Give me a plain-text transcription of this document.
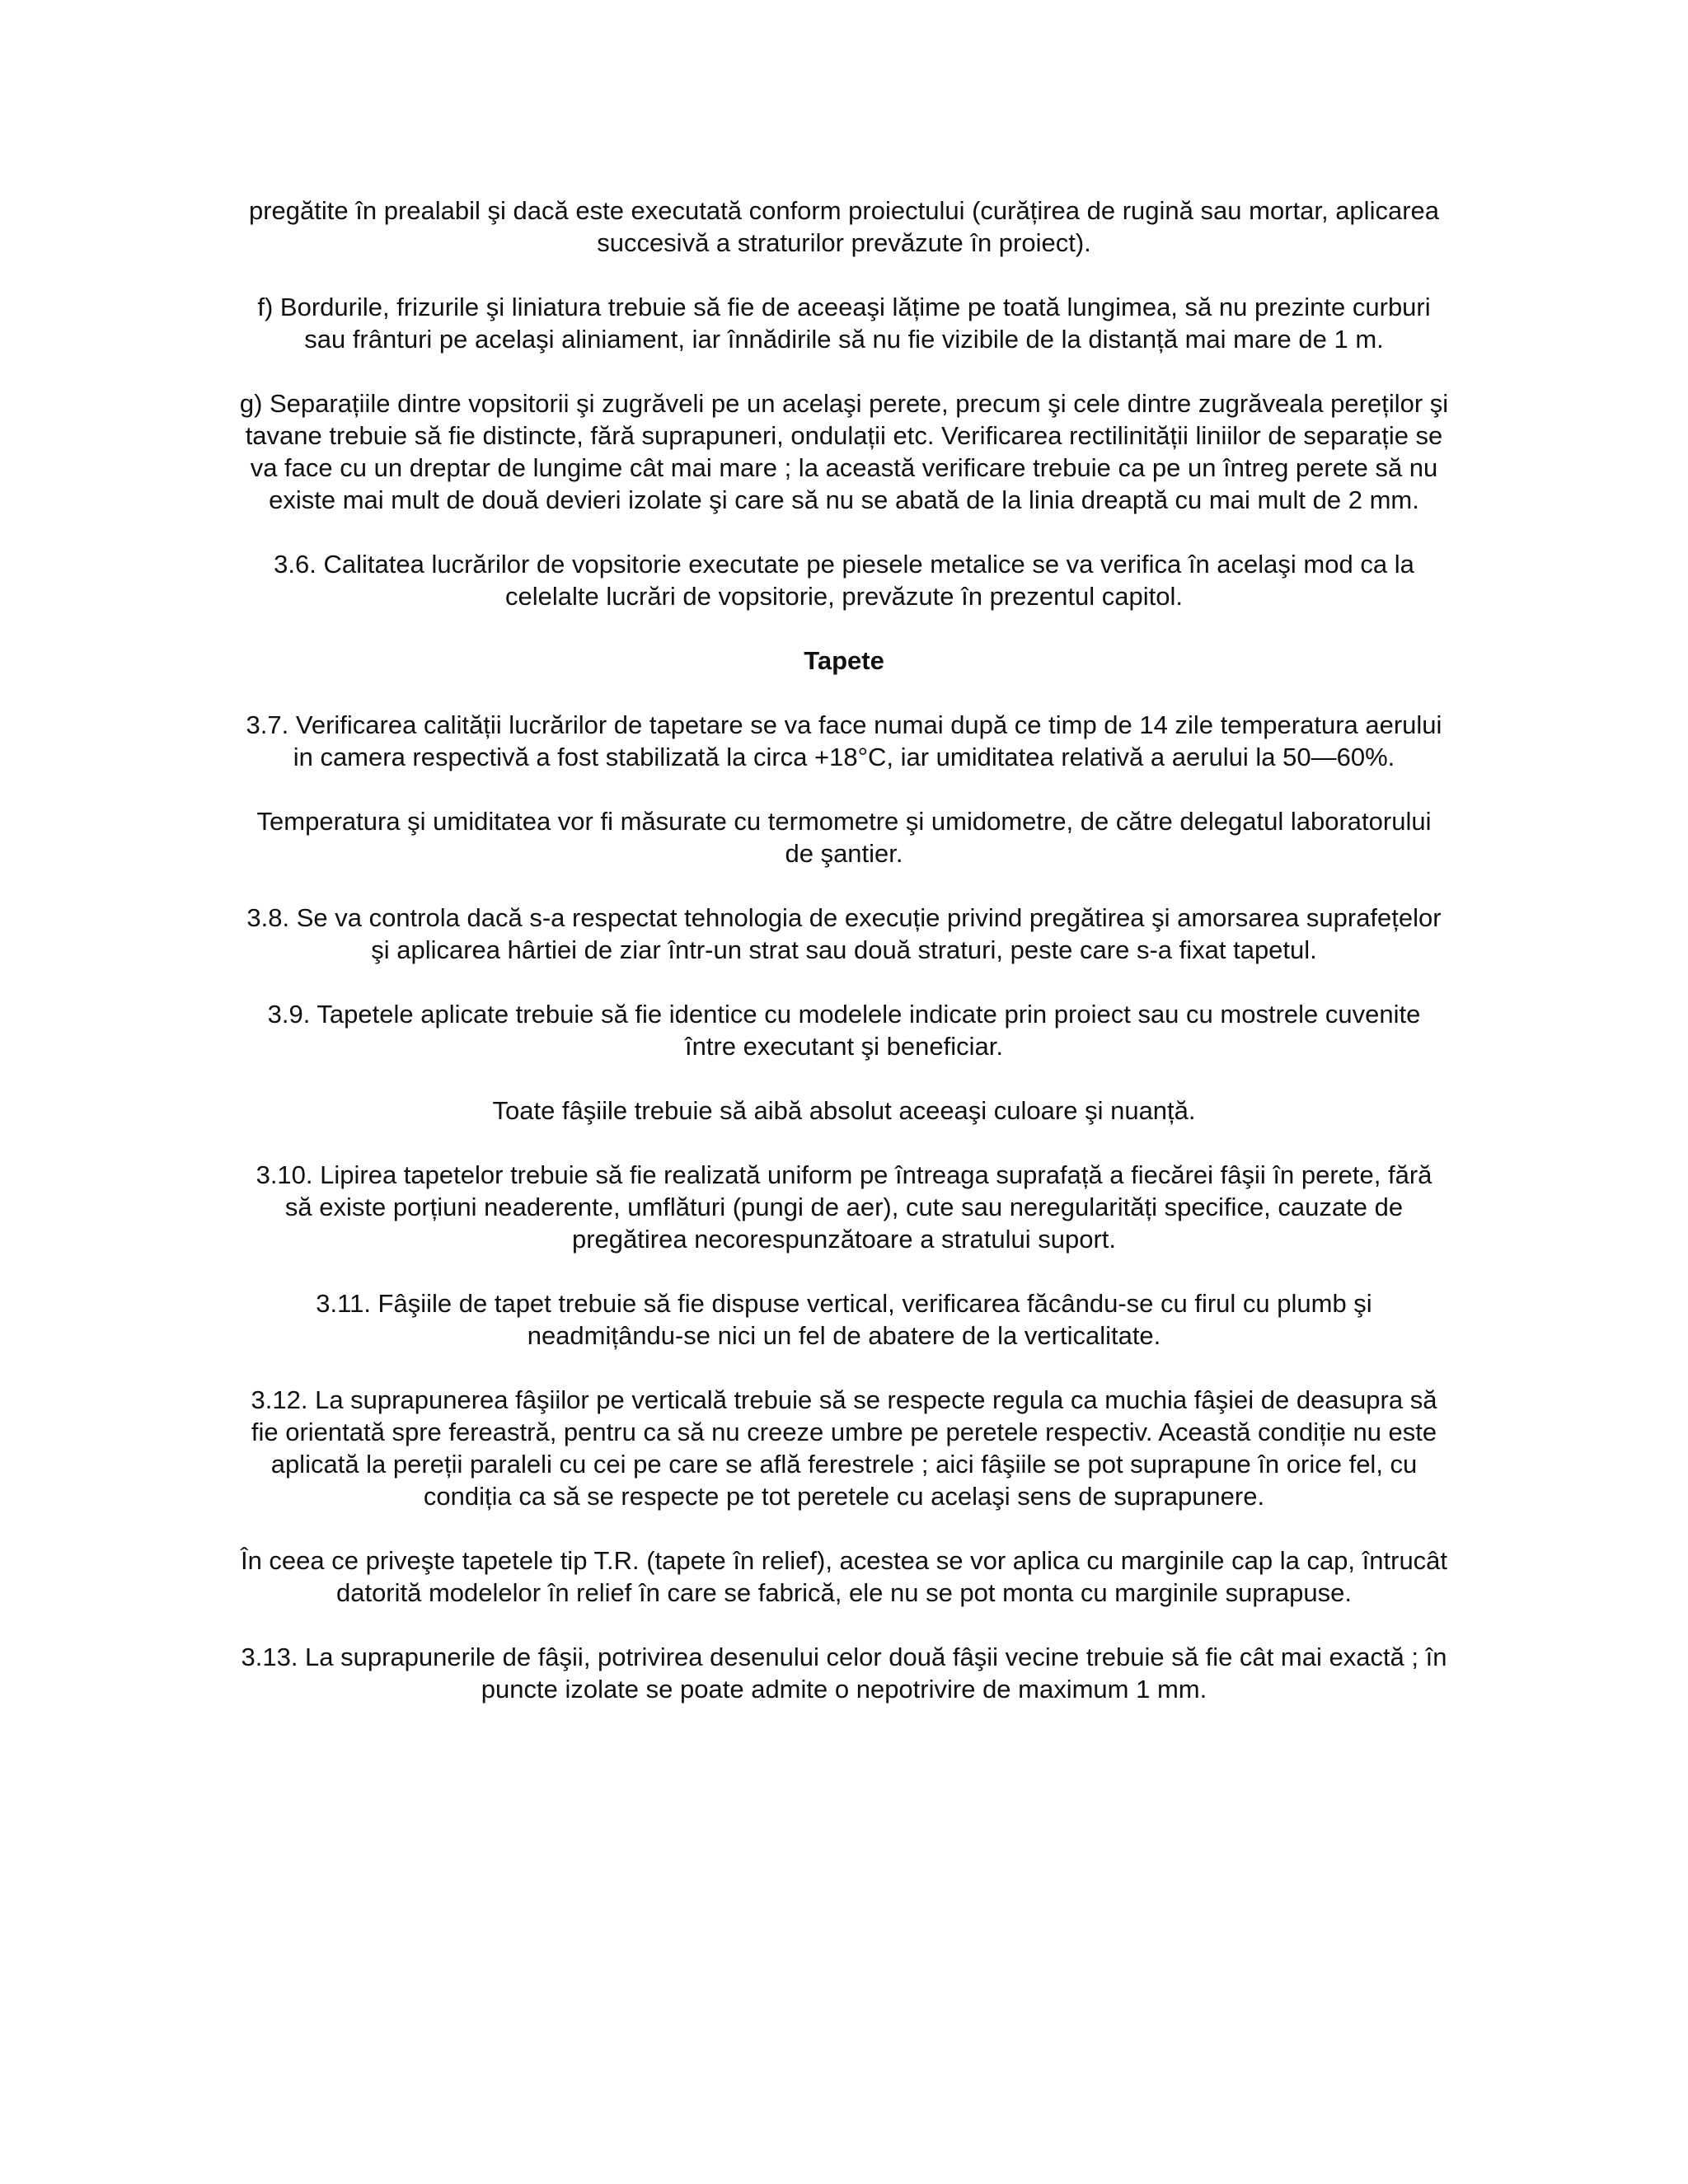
pregătite în prealabil şi dacă este executată conform proiectului (curățirea de rugină sau mortar, aplicarea succesivă a straturilor prevăzute în proiect).

f) Bordurile, frizurile şi liniatura trebuie să fie de aceeaşi lățime pe toată lungimea, să nu prezinte curburi sau frânturi pe acelaşi aliniament, iar înnădirile să nu fie vizibile de la distanță mai mare de 1 m.

g) Separațiile dintre vopsitorii şi zugrăveli pe un acelaşi perete, precum şi cele dintre zugrăveala pereților şi tavane trebuie să fie distincte, fără suprapuneri, ondulații etc. Verificarea rectilinității liniilor de separație se va face cu un dreptar de lungime cât mai mare ; la această verificare trebuie ca pe un întreg perete să nu existe mai mult de două devieri izolate şi care să nu se abată de la linia dreaptă cu mai mult de 2 mm.

3.6. Calitatea lucrărilor de vopsitorie executate pe piesele metalice se va verifica în acelaşi mod ca la celelalte lucrări de vopsitorie, prevăzute în prezentul capitol.

Tapete

3.7. Verificarea calității lucrărilor de tapetare se va face numai după ce timp de 14 zile temperatura aerului in camera respectivă a fost stabilizată la circa +18°C, iar umiditatea relativă a aerului la 50—60%.

Temperatura şi umiditatea vor fi măsurate cu termometre şi umidometre, de către delegatul laboratorului de şantier.

3.8. Se va controla dacă s-a respectat tehnologia de execuție privind pregătirea şi amorsarea suprafețelor şi aplicarea hârtiei de ziar într-un strat sau două straturi, peste care s-a fixat tapetul.

3.9. Tapetele aplicate trebuie să fie identice cu modelele indicate prin proiect sau cu mostrele cuvenite între executant şi beneficiar.

Toate fâşiile trebuie să aibă absolut aceeaşi culoare şi nuanță.

3.10. Lipirea tapetelor trebuie să fie realizată uniform pe întreaga suprafață a fiecărei fâşii în perete, fără să existe porțiuni neaderente, umflături (pungi de aer), cute sau neregularități specifice, cauzate de pregătirea necorespunzătoare a stratului suport.

3.11. Fâşiile de tapet trebuie să fie dispuse vertical, verificarea făcându-se cu firul cu plumb şi neadmițându-se nici un fel de abatere de la verticalitate.

3.12. La suprapunerea fâşiilor pe verticală trebuie să se respecte regula ca muchia fâşiei de deasupra să fie orientată spre fereastră, pentru ca să nu creeze umbre pe peretele respectiv. Această condiție nu este aplicată la pereții paraleli cu cei pe care se află ferestrele ; aici fâşiile se pot suprapune în orice fel, cu condiția ca să se respecte pe tot peretele cu acelaşi sens de suprapunere.

În ceea ce priveşte tapetele tip T.R. (tapete în relief), acestea se vor aplica cu marginile cap la cap, întrucât datorită modelelor în relief în care se fabrică, ele nu se pot monta cu marginile suprapuse.

3.13. La suprapunerile de fâşii, potrivirea desenului celor două fâşii vecine trebuie să fie cât mai exactă ; în puncte izolate se poate admite o nepotrivire de maximum 1 mm.
